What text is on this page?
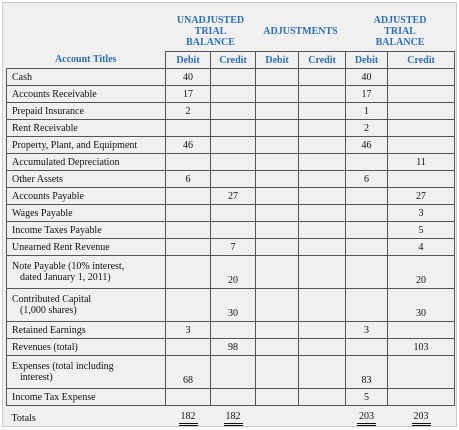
	UNADJUSTED
TRIAL
BALANCE		ADJUSTMENTS		ADJUSTED
TRIAL
BALANCE	

Account Titles	Debit	Credit	Debit	Credit	Debit	Credit

Cash	40				40	

Accounts Receivable	17				17	

Prepaid Insurance	2				1	

Rent Receivable					2	

Property, Plant, and Equipment	46				46	

Accumulated Depreciation						11

Other Assets	6				6	

Accounts Payable		27				27

Wages Payable						3

Income Taxes Payable						5

Unearned Rent Revenue		7				4

Note Payable (10% interest,
dated January 1, 2011)		20				20

Contributed Capital
(1,000 shares)		30				30

Retained Earnings	3				3	

Revenues (total)		98				103

Expenses (total including
interest)	68				83	

Income Tax Expense					5	
Totals	182	182			203	203
